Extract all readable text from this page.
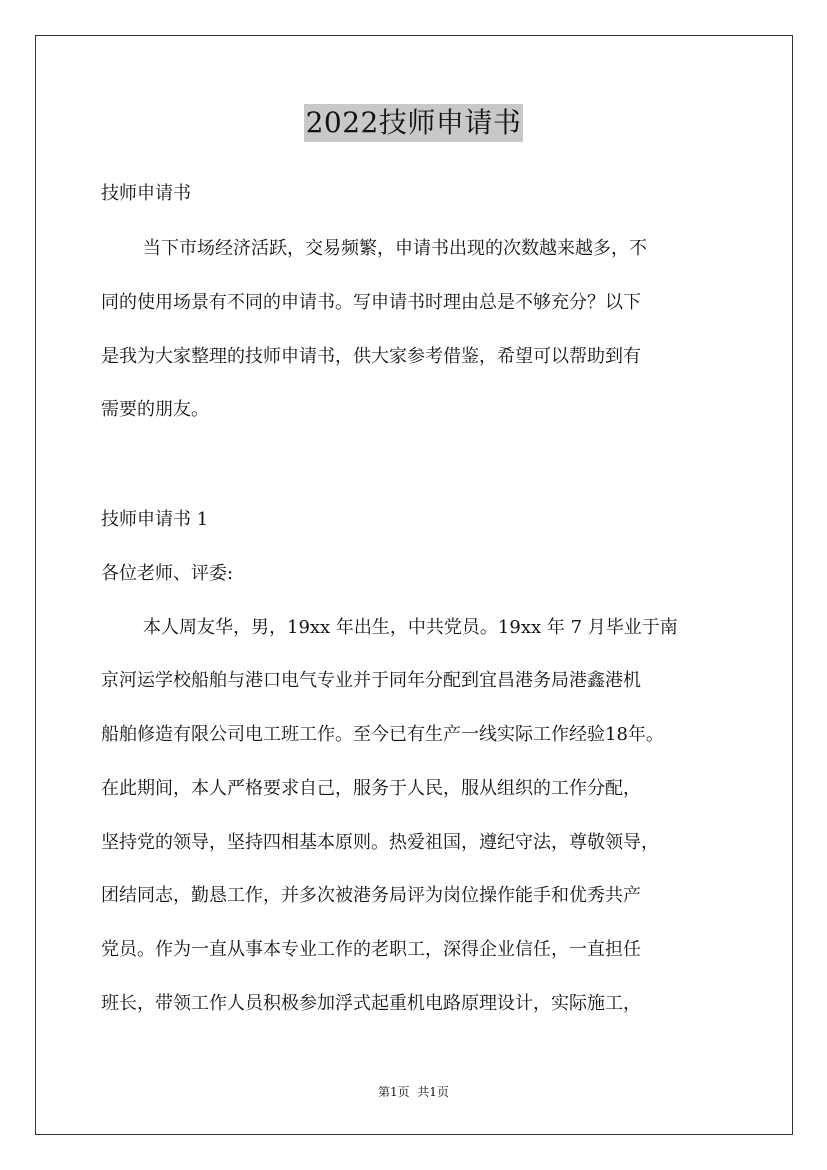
2022技师申请书
技师申请书
当下市场经济活跃，交易频繁，申请书出现的次数越来越多，不
同的使用场景有不同的申请书。写申请书时理由总是不够充分？以下
是我为大家整理的技师申请书，供大家参考借鉴，希望可以帮助到有
需要的朋友。
技师申请书 1
各位老师、评委:
本人周友华，男，19xx 年出生，中共党员。19xx 年 7 月毕业于南
京河运学校船舶与港口电气专业并于同年分配到宜昌港务局港鑫港机
船舶修造有限公司电工班工作。至今已有生产一线实际工作经验18年。
在此期间，本人严格要求自己，服务于人民，服从组织的工作分配，
坚持党的领导，坚持四相基本原则。热爱祖国，遵纪守法，尊敬领导，
团结同志，勤恳工作，并多次被港务局评为岗位操作能手和优秀共产
党员。作为一直从事本专业工作的老职工，深得企业信任，一直担任
班长，带领工作人员积极参加浮式起重机电路原理设计，实际施工，
第1页  共1页
